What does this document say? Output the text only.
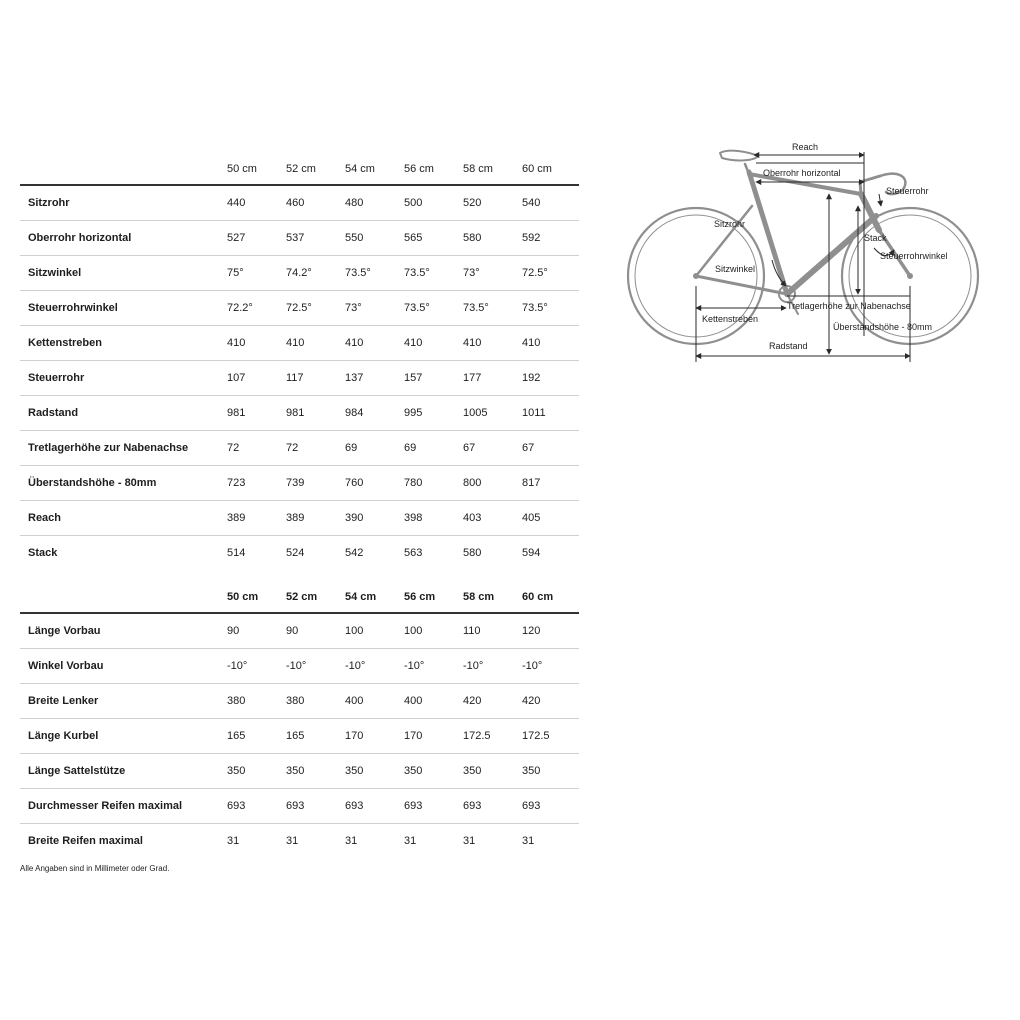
	50 cm	52 cm	54 cm	56 cm	58 cm	60 cm
Sitzrohr	440	460	480	500	520	540
Oberrohr horizontal	527	537	550	565	580	592
Sitzwinkel	75°	74.2°	73.5°	73.5°	73°	72.5°
Steuerrohrwinkel	72.2°	72.5°	73°	73.5°	73.5°	73.5°
Kettenstreben	410	410	410	410	410	410
Steuerrohr	107	117	137	157	177	192
Radstand	981	981	984	995	1005	1011
Tretlagerhöhe zur Nabenachse	72	72	69	69	67	67
Überstandshöhe - 80mm	723	739	760	780	800	817
Reach	389	389	390	398	403	405
Stack	514	524	542	563	580	594
	50 cm	52 cm	54 cm	56 cm	58 cm	60 cm
Länge Vorbau	90	90	100	100	110	120
Winkel Vorbau	-10°	-10°	-10°	-10°	-10°	-10°
Breite Lenker	380	380	400	400	420	420
Länge Kurbel	165	165	170	170	172.5	172.5
Länge Sattelstütze	350	350	350	350	350	350
Durchmesser Reifen maximal	693	693	693	693	693	693
Breite Reifen maximal	31	31	31	31	31	31
Alle Angaben sind in Millimeter oder Grad.
Reach
Oberrohr horizontal
Steuerrohr
Sitzrohr
Stack
Steuerrohrwinkel
Sitzwinkel
Tretlagerhöhe zur Nabenachse
Kettenstreben
Überstandshöhe - 80mm
Radstand
